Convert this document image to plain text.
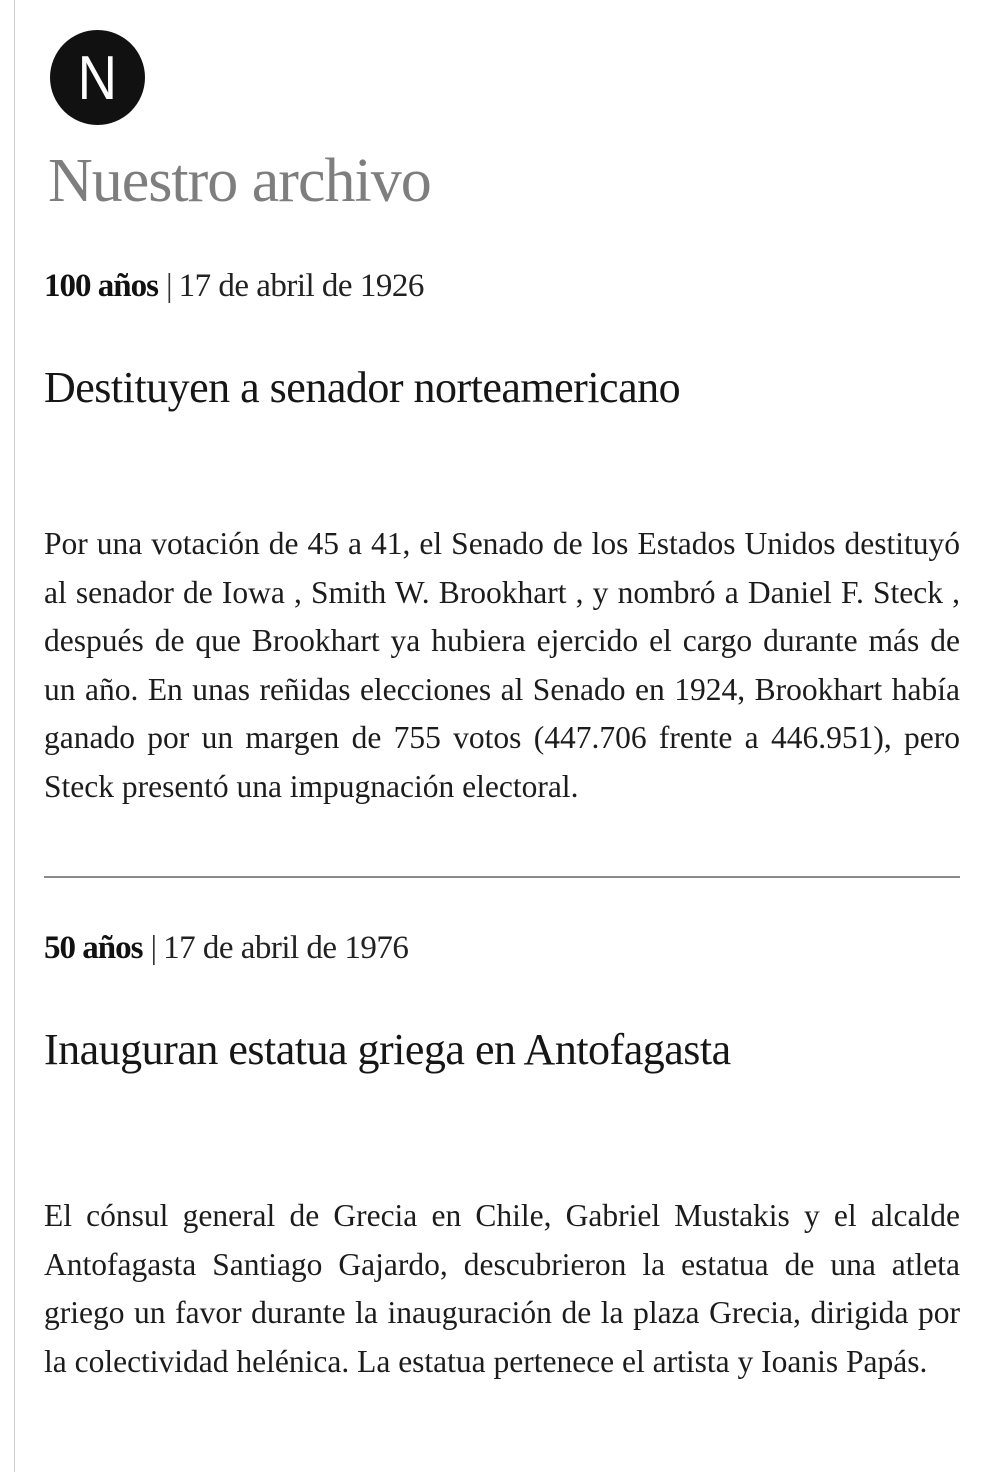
N
Nuestro archivo
100 años | 17 de abril de 1926
Destituyen a senador norteamericano

Por una votación de 45 a 41, el Senado de los Estados Unidos destituyó al senador de Iowa , Smith W. Brookhart , y nombró a Daniel F. Steck , después de que Brookhart ya hubiera ejercido el cargo durante más de un año. En unas reñidas elecciones al Senado en 1924, Brookhart había ganado por un margen de 755 votos (447.706 frente a 446.951), pero Steck presentó una impugnación electoral.

50 años | 17 de abril de 1976
Inauguran estatua griega en Antofagasta

El cónsul general de Grecia en Chile, Gabriel Mustakis y el alcalde Antofagasta Santiago Gajardo, descubrieron la estatua de una atleta griego un favor durante la inauguración de la plaza Grecia, dirigida por la colectividad helénica. La estatua pertenece el artista y Ioanis Papás.
